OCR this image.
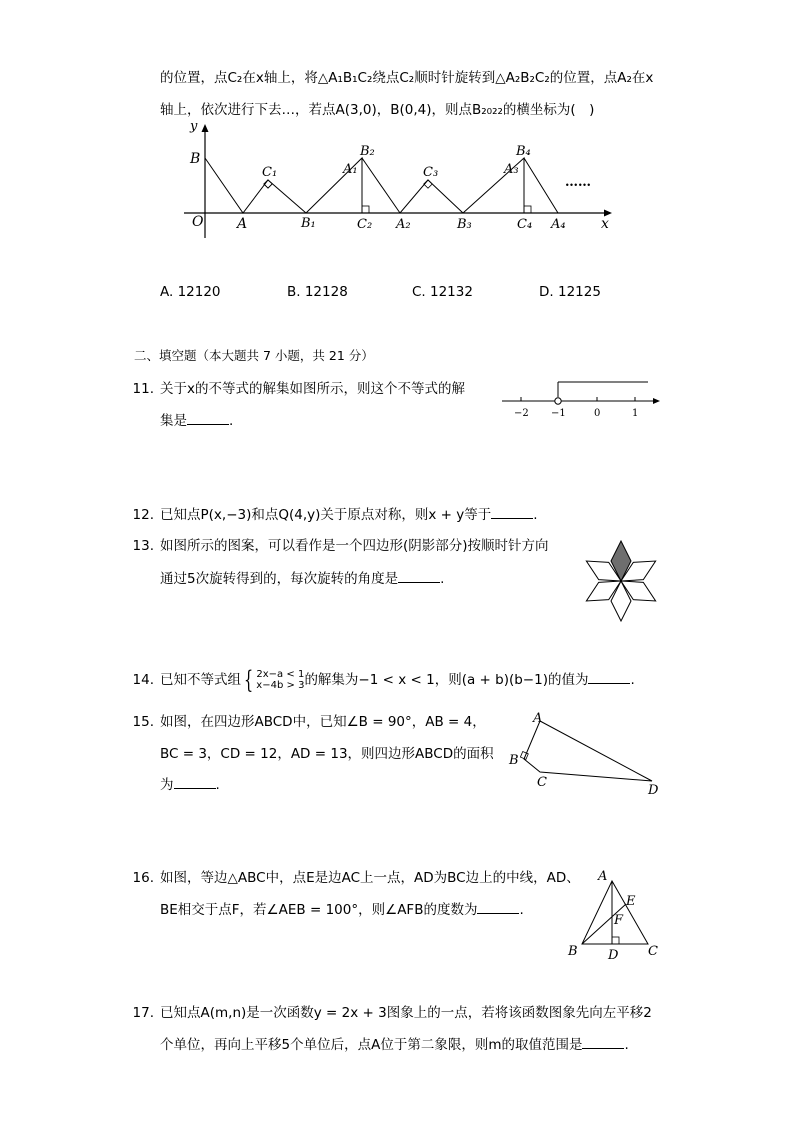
的位置，点C₂在x轴上，将△A₁B₁C₂绕点C₂顺时针旋转到△A₂B₂C₂的位置，点A₂在x
轴上，依次进行下去…，若点A(3,0)，B(0,4)，则点B₂₀₂₂的横坐标为(　)
y
B
O A
C₁
B₁
A₁
B₂
C₂ A₂
C₃
B₃
A₃
B₄
C₄ A₄
……
x
A. 12120	B. 12128	C. 12132	D. 12125
二、填空题（本大题共 7 小题，共 21 分）
11. 关于x的不等式的解集如图所示，则这个不等式的解
集是	.	−2 −1	0	1
12. 已知点P(x,−3)和点Q(4,y)关于原点对称，则x + y等于	.
13. 如图所示的图案，可以看作是一个四边形(阴影部分)按顺时针方向
通过5次旋转得到的，每次旋转的角度是	.
14. 已知不等式组 { 2x−a < 1
x−4b > 3的解集为−1 < x < 1，则(a + b)(b−1)的值为	.
15. 如图，在四边形ABCD中，已知∠B = 90°，AB = 4，
BC = 3，CD = 12，AD = 13，则四边形ABCD的面积
为	.
A
B
C
D
16. 如图，等边△ABC中，点E是边AC上一点，AD为BC边上的中线，AD、
BE相交于点F，若∠AEB = 100°，则∠AFB的度数为	.
A
B	C
D
E
F
17. 已知点A(m,n)是一次函数y = 2x + 3图象上的一点，若将该函数图象先向左平移2
个单位，再向上平移5个单位后，点A位于第二象限，则m的取值范围是	.
